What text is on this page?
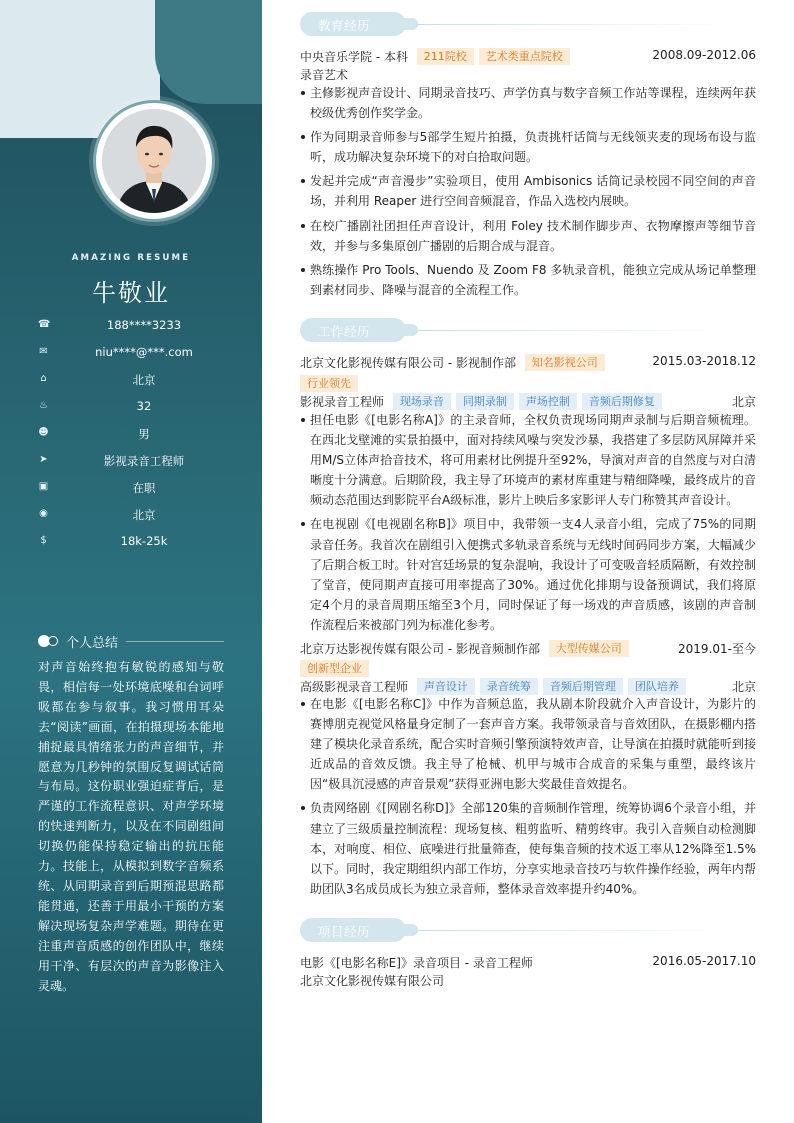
AMAZING RESUME
牛敬业
☎	188****3233
✉	niu****@***.com
⌂	北京
♨	32
☻	男
➤	影视录音工程师
▣	在职
◉	北京
$	18k-25k
个人总结
对声音始终抱有敏锐的感知与敬畏，相信每一处环境底噪和台词呼吸都在参与叙事。我习惯用耳朵去“阅读”画面，在拍摄现场本能地捕捉最具情绪张力的声音细节，并愿意为几秒钟的氛围反复调试话筒与布局。这份职业强迫症背后，是严谨的工作流程意识、对声学环境的快速判断力，以及在不同剧组间切换仍能保持稳定输出的抗压能力。技能上，从模拟到数字音频系统、从同期录音到后期预混思路都能贯通，还善于用最小干预的方案解决现场复杂声学难题。期待在更注重声音质感的创作团队中，继续用干净、有层次的声音为影像注入灵魂。
教育经历
中央音乐学院 - 本科 211院校 艺术类重点院校	2008.09-2012.06
录音艺术
主修影视声音设计、同期录音技巧、声学仿真与数字音频工作站等课程，连续两年获校级优秀创作奖学金。
作为同期录音师参与5部学生短片拍摄，负责挑杆话筒与无线领夹麦的现场布设与监听，成功解决复杂环境下的对白拾取问题。
发起并完成“声音漫步”实验项目，使用 Ambisonics 话筒记录校园不同空间的声音场，并利用 Reaper 进行空间音频混音，作品入选校内展映。
在校广播剧社团担任声音设计，利用 Foley 技术制作脚步声、衣物摩擦声等细节音效，并参与多集原创广播剧的后期合成与混音。
熟练操作 Pro Tools、Nuendo 及 Zoom F8 多轨录音机，能独立完成从场记单整理到素材同步、降噪与混音的全流程工作。
工作经历
北京文化影视传媒有限公司 - 影视制作部 知名影视公司	2015.03-2018.12
行业领先
影视录音工程师 现场录音 同期录制 声场控制 音频后期修复	北京
担任电影《[电影名称A]》的主录音师，全权负责现场同期声录制与后期音频梳理。在西北戈壁滩的实景拍摄中，面对持续风噪与突发沙暴，我搭建了多层防风屏障并采用M/S立体声拾音技术，将可用素材比例提升至92%，导演对声音的自然度与对白清晰度十分满意。后期阶段，我主导了环境声的素材库重建与精细降噪，最终成片的音频动态范围达到影院平台A级标准，影片上映后多家影评人专门称赞其声音设计。
在电视剧《[电视剧名称B]》项目中，我带领一支4人录音小组，完成了75%的同期录音任务。我首次在剧组引入便携式多轨录音系统与无线时间码同步方案，大幅减少了后期合板工时。针对宫廷场景的复杂混响，我设计了可变吸音轻质隔断，有效控制了堂音，使同期声直接可用率提高了30%。通过优化排期与设备预调试，我们将原定4个月的录音周期压缩至3个月，同时保证了每一场戏的声音质感，该剧的声音制作流程后来被部门列为标准化参考。
北京万达影视传媒有限公司 - 影视音频制作部 大型传媒公司	2019.01-至今
创新型企业
高级影视录音工程师 声音设计 录音统筹 音频后期管理 团队培养	北京
在电影《[电影名称C]》中作为音频总监，我从剧本阶段就介入声音设计，为影片的赛博朋克视觉风格量身定制了一套声音方案。我带领录音与音效团队，在摄影棚内搭建了模块化录音系统，配合实时音频引擎预演特效声音，让导演在拍摄时就能听到接近成品的音效反馈。我主导了枪械、机甲与城市合成音的采集与重塑，最终该片因“极具沉浸感的声音景观”获得亚洲电影大奖最佳音效提名。
负责网络剧《[网剧名称D]》全部120集的音频制作管理，统筹协调6个录音小组，并建立了三级质量控制流程：现场复核、粗剪监听、精剪终审。我引入音频自动检测脚本，对响度、相位、底噪进行批量筛查，使每集音频的技术返工率从12%降至1.5%以下。同时，我定期组织内部工作坊，分享实地录音技巧与软件操作经验，两年内帮助团队3名成员成长为独立录音师，整体录音效率提升约40%。
项目经历
电影《[电影名称E]》录音项目 - 录音工程师	2016.05-2017.10
北京文化影视传媒有限公司
